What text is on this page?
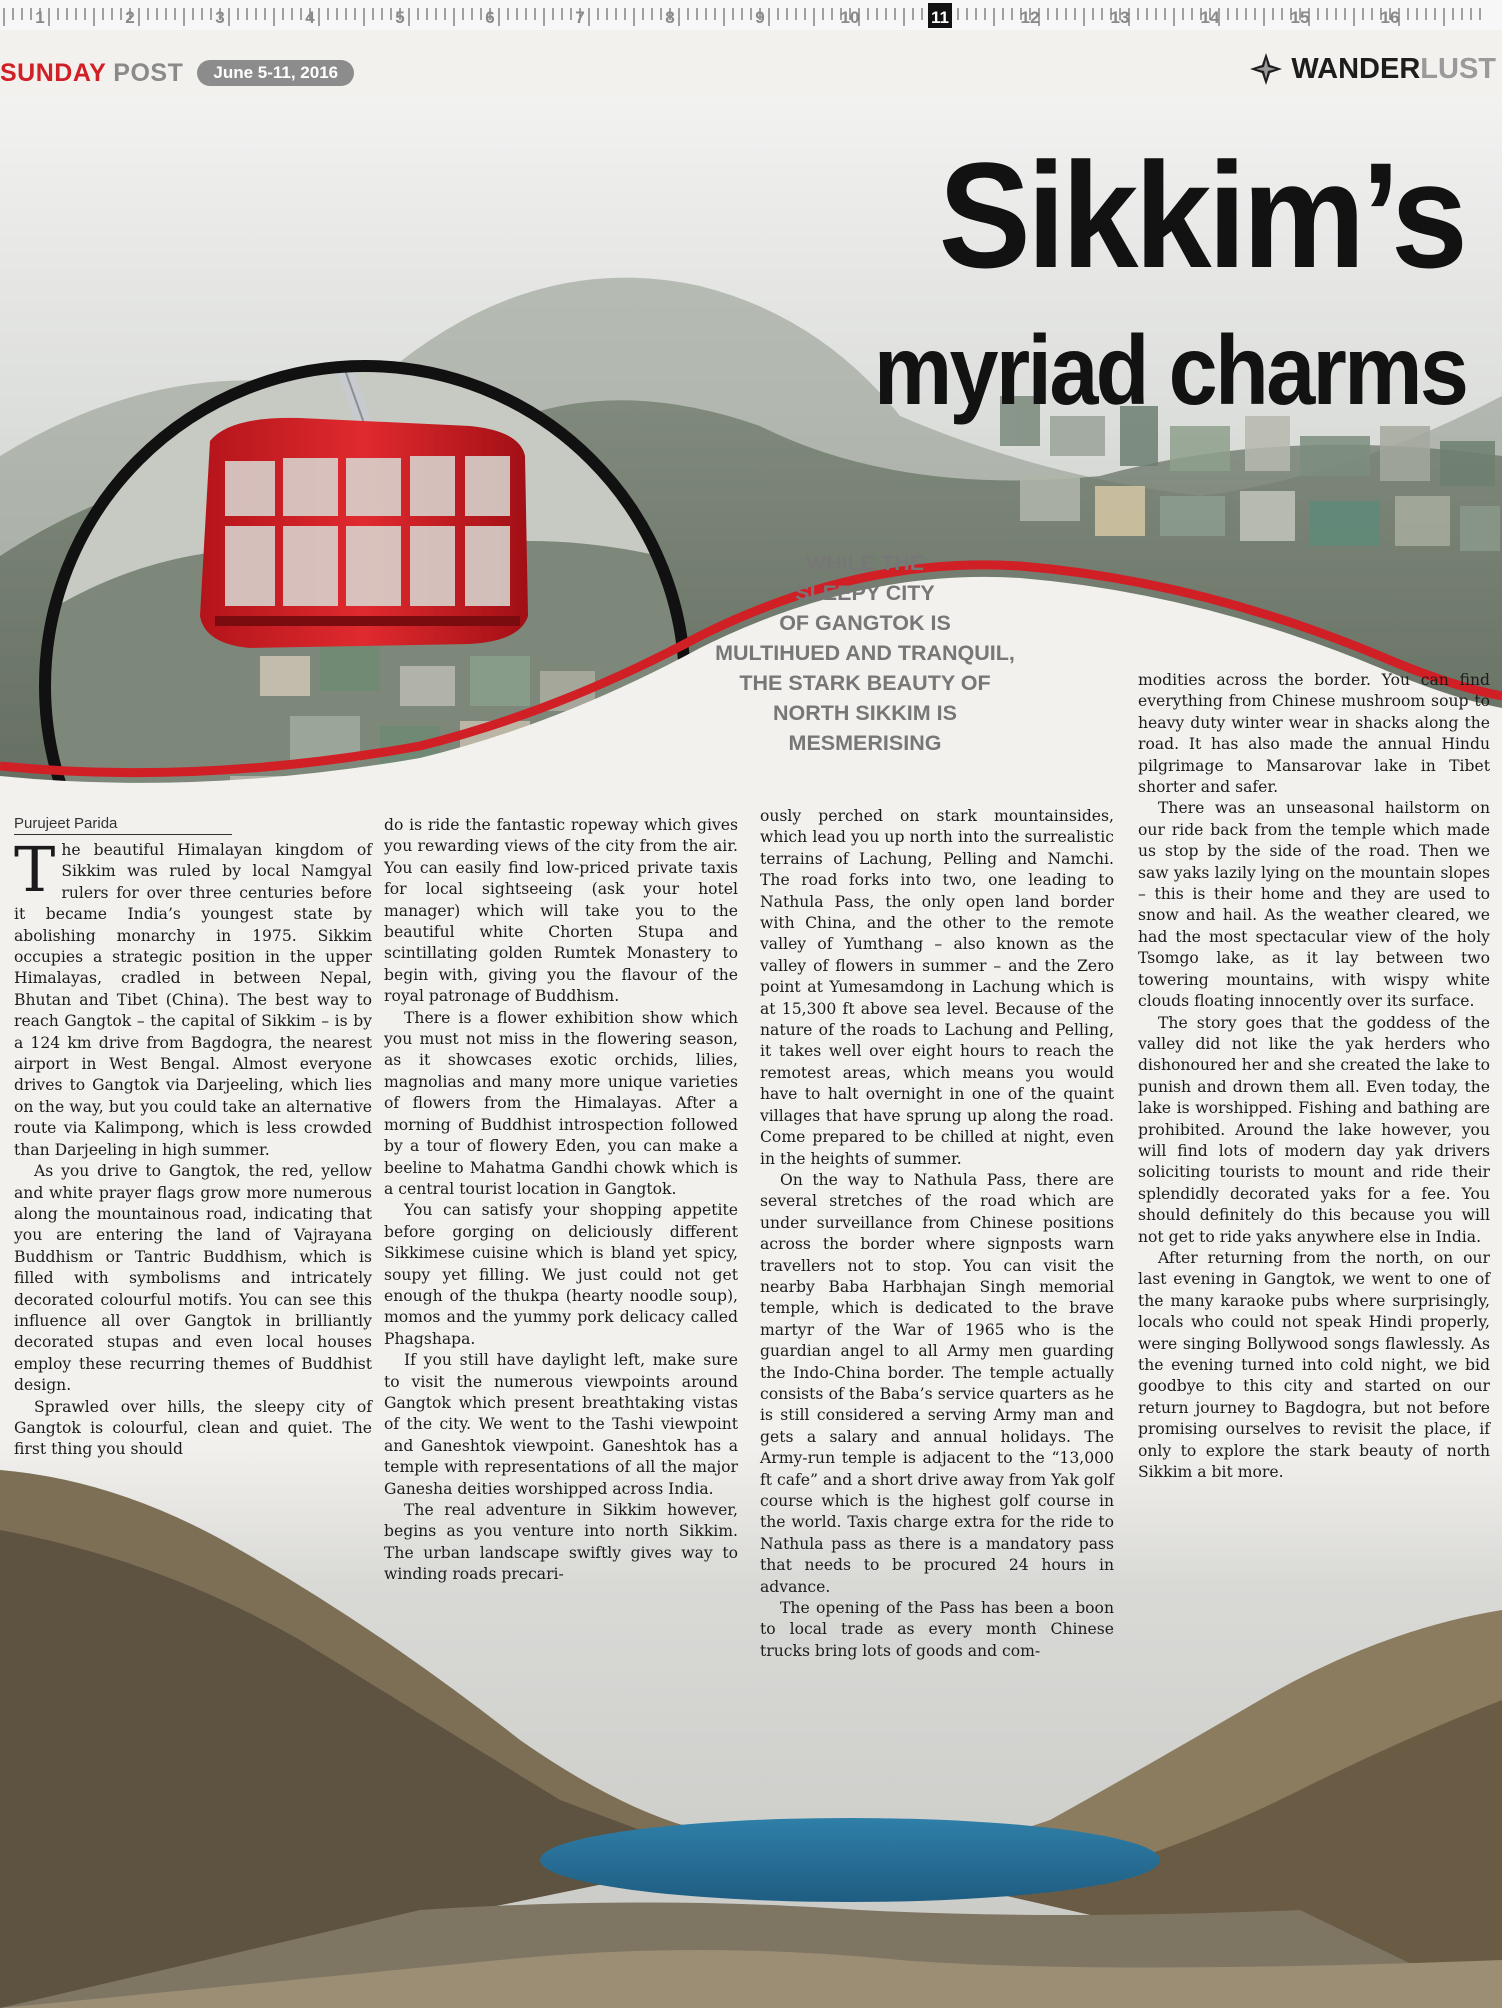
1	2	3	4	5	6	7	8	9	10	11	12	13	14	15	16
SUNDAY POST	June 5-11, 2016	WANDERLUST
Sikkim’s
myriad charms
WHILE THE
SLEEPY CITY
OF GANGTOK IS
MULTIHUED AND TRANQUIL,
THE STARK BEAUTY OF
NORTH SIKKIM IS
MESMERISING
Purujeet Parida

The beautiful Himalayan kingdom of Sikkim was ruled by local Namgyal rulers for over three centuries before it became India’s youngest state by abolishing monarchy in 1975. Sikkim occupies a strategic position in the upper Himalayas, cradled in between Nepal, Bhutan and Tibet (China). The best way to reach Gangtok – the capital of Sikkim – is by a 124 km drive from Bagdogra, the nearest airport in West Bengal. Almost everyone drives to Gangtok via Darjeeling, which lies on the way, but you could take an alternative route via Kalimpong, which is less crowded than Darjeeling in high summer.

As you drive to Gangtok, the red, yellow and white prayer flags grow more numerous along the mountainous road, indicating that you are entering the land of Vajrayana Buddhism or Tantric Buddhism, which is filled with symbolisms and intricately decorated colourful motifs. You can see this influence all over Gangtok in brilliantly decorated stupas and even local houses employ these recurring themes of Buddhist design.

Sprawled over hills, the sleepy city of Gangtok is colourful, clean and quiet. The first thing you should

do is ride the fantastic ropeway which gives you rewarding views of the city from the air. You can easily find low-priced private taxis for local sightseeing (ask your hotel manager) which will take you to the beautiful white Chorten Stupa and scintillating golden Rumtek Monastery to begin with, giving you the flavour of the royal patronage of Buddhism.

There is a flower exhibition show which you must not miss in the flowering season, as it showcases exotic orchids, lilies, magnolias and many more unique varieties of flowers from the Himalayas. After a morning of Buddhist introspection followed by a tour of flowery Eden, you can make a beeline to Mahatma Gandhi chowk which is a central tourist location in Gangtok.

You can satisfy your shopping appetite before gorging on deliciously different Sikkimese cuisine which is bland yet spicy, soupy yet filling. We just could not get enough of the thukpa (hearty noodle soup), momos and the yummy pork delicacy called Phagshapa.

If you still have daylight left, make sure to visit the numerous viewpoints around Gangtok which present breathtaking vistas of the city. We went to the Tashi viewpoint and Ganeshtok viewpoint. Ganeshtok has a temple with representations of all the major Ganesha deities worshipped across India.

The real adventure in Sikkim however, begins as you venture into north Sikkim. The urban landscape swiftly gives way to winding roads precari-

ously perched on stark mountainsides, which lead you up north into the surrealistic terrains of Lachung, Pelling and Namchi. The road forks into two, one leading to Nathula Pass, the only open land border with China, and the other to the remote valley of Yumthang – also known as the valley of flowers in summer – and the Zero point at Yumesamdong in Lachung which is at 15,300 ft above sea level. Because of the nature of the roads to Lachung and Pelling, it takes well over eight hours to reach the remotest areas, which means you would have to halt overnight in one of the quaint villages that have sprung up along the road. Come prepared to be chilled at night, even in the heights of summer.

On the way to Nathula Pass, there are several stretches of the road which are under surveillance from Chinese positions across the border where signposts warn travellers not to stop. You can visit the nearby Baba Harbhajan Singh memorial temple, which is dedicated to the brave martyr of the War of 1965 who is the guardian angel to all Army men guarding the Indo-China border. The temple actually consists of the Baba’s service quarters as he is still considered a serving Army man and gets a salary and annual holidays. The Army-run temple is adjacent to the “13,000 ft cafe” and a short drive away from Yak golf course which is the highest golf course in the world. Taxis charge extra for the ride to Nathula pass as there is a mandatory pass that needs to be procured 24 hours in advance.

The opening of the Pass has been a boon to local trade as every month Chinese trucks bring lots of goods and com-

modities across the border. You can find everything from Chinese mushroom soup to heavy duty winter wear in shacks along the road. It has also made the annual Hindu pilgrimage to Mansarovar lake in Tibet shorter and safer.

There was an unseasonal hailstorm on our ride back from the temple which made us stop by the side of the road. Then we saw yaks lazily lying on the mountain slopes – this is their home and they are used to snow and hail. As the weather cleared, we had the most spectacular view of the holy Tsomgo lake, as it lay between two towering mountains, with wispy white clouds floating innocently over its surface.

The story goes that the goddess of the valley did not like the yak herders who dishonoured her and she created the lake to punish and drown them all. Even today, the lake is worshipped. Fishing and bathing are prohibited. Around the lake however, you will find lots of modern day yak drivers soliciting tourists to mount and ride their splendidly decorated yaks for a fee. You should definitely do this because you will not get to ride yaks anywhere else in India.

After returning from the north, on our last evening in Gangtok, we went to one of the many karaoke pubs where surprisingly, locals who could not speak Hindi properly, were singing Bollywood songs flawlessly. As the evening turned into cold night, we bid goodbye to this city and started on our return journey to Bagdogra, but not before promising ourselves to revisit the place, if only to explore the stark beauty of north Sikkim a bit more.
